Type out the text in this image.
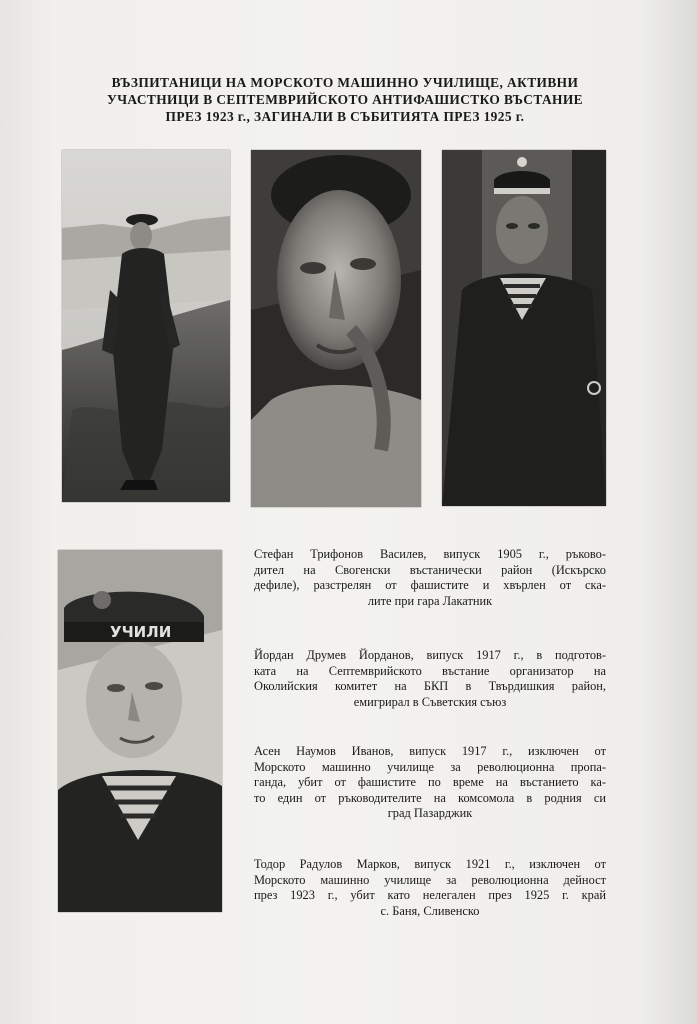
ВЪЗПИТАНИЦИ НА МОРСКОТО МАШИННО УЧИЛИЩЕ, АКТИВНИ
УЧАСТНИЦИ В СЕПТЕМВРИЙСКОТО АНТИФАШИСТКО ВЪСТАНИЕ
ПРЕЗ 1923 г., ЗАГИНАЛИ В СЪБИТИЯТА ПРЕЗ 1925 г.
УЧИЛИ
Стефан Трифонов Василев, випуск 1905 г., ръково-
дител на Свогенски въстанически район (Искърско
дефиле), разстрелян от фашистите и хвърлен от ска-
лите при гара Лакатник
Йордан Друмев Йорданов, випуск 1917 г., в подготов-
ката на Септемврийското въстание организатор на
Околийския комитет на БКП в Твърдишкия район,
емигрирал в Съветския съюз
Асен Наумов Иванов, випуск 1917 г., изключен от
Морското машинно училище за революционна пропа-
ганда, убит от фашистите по време на въстанието ка-
то един от ръководителите на комсомола в родния си
град Пазарджик
Тодор Радулов Марков, випуск 1921 г., изключен от
Морското машинно училище за революционна дейност
през 1923 г., убит като нелегален през 1925 г. край
с. Баня, Сливенско
